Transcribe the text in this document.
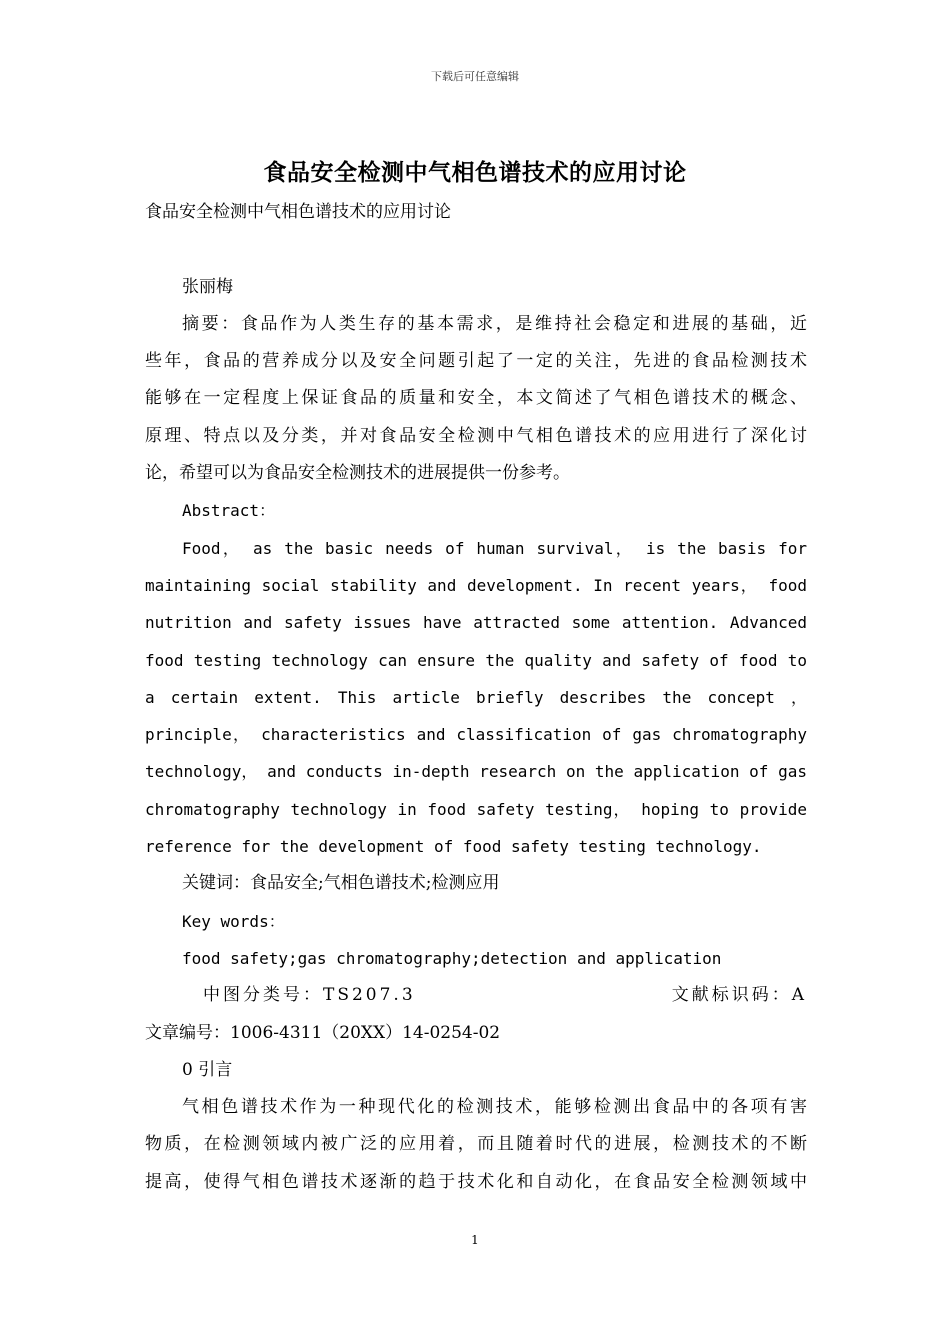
下载后可任意编辑
食品安全检测中气相色谱技术的应用讨论
食品安全检测中气相色谱技术的应用讨论

张丽梅
摘要：食品作为人类生存的基本需求，是维持社会稳定和进展的基础，近
些年，食品的营养成分以及安全问题引起了一定的关注，先进的食品检测技术
能够在一定程度上保证食品的质量和安全，本文简述了气相色谱技术的概念、
原理、特点以及分类，并对食品安全检测中气相色谱技术的应用进行了深化讨
论，希望可以为食品安全检测技术的进展提供一份参考。
Abstract：
Food， as the basic needs of human survival， is the basis for
maintaining social stability and development. In recent years， food
nutrition and safety issues have attracted some attention. Advanced
food testing technology can ensure the quality and safety of food to
a certain extent. This article briefly describes the concept ，
principle， characteristics and classification of gas chromatography
technology， and conducts in-depth research on the application of gas
chromatography technology in food safety testing， hoping to provide
reference for the development of food safety testing technology.
关键词：食品安全;气相色谱技术;检测应用
Key words：
food safety;gas chromatography;detection and application
中图分类号：TS207.3	文献标识码：A
文章编号：1006-4311（20XX）14-0254-02
0 引言
气相色谱技术作为一种现代化的检测技术，能够检测出食品中的各项有害
物质，在检测领域内被广泛的应用着，而且随着时代的进展，检测技术的不断
提高，使得气相色谱技术逐渐的趋于技术化和自动化，在食品安全检测领域中
1
